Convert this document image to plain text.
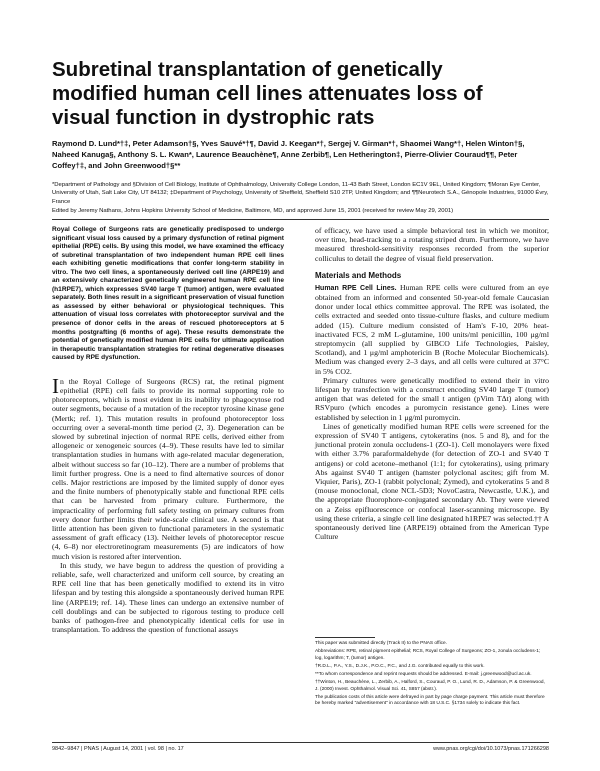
Subretinal transplantation of genetically modified human cell lines attenuates loss of visual function in dystrophic rats
Raymond D. Lund*†‡, Peter Adamson†§, Yves Sauvé*†¶, David J. Keegan*†, Sergej V. Girman*†, Shaomei Wang*†, Helen Winton†§, Naheed Kanuga§, Anthony S. L. Kwan*, Laurence Beauchène¶, Anne Zerbib¶, Len Hetherington‡, Pierre-Olivier Couraud¶¶, Peter Coffey†‡, and John Greenwood†§**
*Department of Pathology and §Division of Cell Biology, Institute of Ophthalmology, University College London, 11-43 Bath Street, London EC1V 9EL, United Kingdom; ¶Moran Eye Center, University of Utah, Salt Lake City, UT 84132; ‡Department of Psychology, University of Sheffield, Sheffield S10 2TP, United Kingdom; and ¶¶Neurotech S.A., Génopole Industries, 91000 Évry, France
Edited by Jeremy Nathans, Johns Hopkins University School of Medicine, Baltimore, MD, and approved June 15, 2001 (received for review May 29, 2001)

Royal College of Surgeons rats are genetically predisposed to undergo significant visual loss caused by a primary dysfunction of retinal pigment epithelial (RPE) cells. By using this model, we have examined the efficacy of subretinal transplantation of two independent human RPE cell lines each exhibiting genetic modifications that confer long-term stability in vitro. The two cell lines, a spontaneously derived cell line (ARPE19) and an extensively characterized genetically engineered human RPE cell line (h1RPE7), which expresses SV40 large T (tumor) antigen, were evaluated separately. Both lines result in a significant preservation of visual function as assessed by either behavioral or physiological techniques. This attenuation of visual loss correlates with photoreceptor survival and the presence of donor cells in the areas of rescued photoreceptors at 5 months postgrafting (6 months of age). These results demonstrate the potential of genetically modified human RPE cells for ultimate application in therapeutic transplantation strategies for retinal degenerative diseases caused by RPE dysfunction.

In the Royal College of Surgeons (RCS) rat, the retinal pigment epithelial (RPE) cell fails to provide its normal supporting role to photoreceptors, which is most evident in its inability to phagocytose rod outer segments, because of a mutation of the receptor tyrosine kinase gene (Mertk; ref. 1). This mutation results in profound photoreceptor loss occurring over a several-month time period (2, 3). Degeneration can be slowed by subretinal injection of normal RPE cells, derived either from allogeneic or xenogeneic sources (4–9). These results have led to similar transplantation studies in humans with age-related macular degeneration, albeit without success so far (10–12). There are a number of problems that limit further progress. One is a need to find alternative sources of donor cells. Major restrictions are imposed by the limited supply of donor eyes and the finite numbers of phenotypically stable and functional RPE cells that can be harvested from primary culture. Furthermore, the impracticality of performing full safety testing on primary cultures from every donor further limits their wide-scale clinical use. A second is that little attention has been given to functional parameters in the systematic assessment of graft efficacy (13). Neither levels of photoreceptor rescue (4, 6–8) nor electroretinogram measurements (5) are indicators of how much vision is restored after intervention.

In this study, we have begun to address the question of providing a reliable, safe, well characterized and uniform cell source, by creating an RPE cell line that has been genetically modified to extend its in vitro lifespan and by testing this alongside a spontaneously derived human RPE line (ARPE19; ref. 14). These lines can undergo an extensive number of cell doublings and can be subjected to rigorous testing to produce cell banks of pathogen-free and phenotypically identical cells for use in transplantation. To address the question of functional assays

of efficacy, we have used a simple behavioral test in which we monitor, over time, head-tracking to a rotating striped drum. Furthermore, we have measured threshold-sensitivity responses recorded from the superior colliculus to detail the degree of visual field preservation.

Materials and Methods

Human RPE Cell Lines. Human RPE cells were cultured from an eye obtained from an informed and consented 50-year-old female Caucasian donor under local ethics committee approval. The RPE was isolated, the cells extracted and seeded onto tissue-culture flasks, and culture medium added (15). Culture medium consisted of Ham's F-10, 20% heat-inactivated FCS, 2 mM L-glutamine, 100 units/ml penicillin, 100 μg/ml streptomycin (all supplied by GIBCO Life Technologies, Paisley, Scotland), and 1 μg/ml amphotericin B (Roche Molecular Biochemicals). Medium was changed every 2–3 days, and all cells were cultured at 37°C in 5% CO2.

Primary cultures were genetically modified to extend their in vitro lifespan by transfection with a construct encoding SV40 large T (tumor) antigen that was deleted for the small t antigen (pVim TΔt) along with RSVpuro (which encodes a puromycin resistance gene). Lines were established by selection in 1 μg/ml puromycin.

Lines of genetically modified human RPE cells were screened for the expression of SV40 T antigens, cytokeratins (nos. 5 and 8), and for the junctional protein zonula occludens-1 (ZO-1). Cell monolayers were fixed with either 3.7% paraformaldehyde (for detection of ZO-1 and SV40 T antigens) or cold acetone–methanol (1:1; for cytokeratins), using primary Abs against SV40 T antigen (hamster polyclonal ascites; gift from M. Viquier, Paris), ZO-1 (rabbit polyclonal; Zymed), and cytokeratins 5 and 8 (mouse monoclonal, clone NCL-5D3; NovoCastra, Newcastle, U.K.), and the appropriate fluorophore-conjugated secondary Ab. They were viewed on a Zeiss epifluorescence or confocal laser-scanning microscope. By using these criteria, a single cell line designated h1RPE7 was selected.†† A spontaneously derived line (ARPE19) obtained from the American Type Culture

This paper was submitted directly (Track II) to the PNAS office.

Abbreviations: RPE, retinal pigment epithelial; RCS, Royal College of Surgeons; ZO-1, zonula occludens-1; log, logarithm; T, (tumor) antigen.

†R.D.L., P.A., Y.S., D.J.K., P.O.C., P.C., and J.G. contributed equally to this work.

**To whom correspondence and reprint requests should be addressed. E-mail: j.greenwood@ucl.ac.uk.

††Winton, H., Beauchène, L., Zerbib, A., Halford, S., Couraud, P. O., Lund, R. D., Adamson, P. & Greenwood, J. (2000) Invest. Ophthalmol. Visual Sci. 41, S857 (abstr.).

The publication costs of this article were defrayed in part by page charge payment. This article must therefore be hereby marked "advertisement" in accordance with 18 U.S.C. §1734 solely to indicate this fact.

9842–9847 | PNAS | August 14, 2001 | vol. 98 | no. 17	www.pnas.org/cgi/doi/10.1073/pnas.171266298
